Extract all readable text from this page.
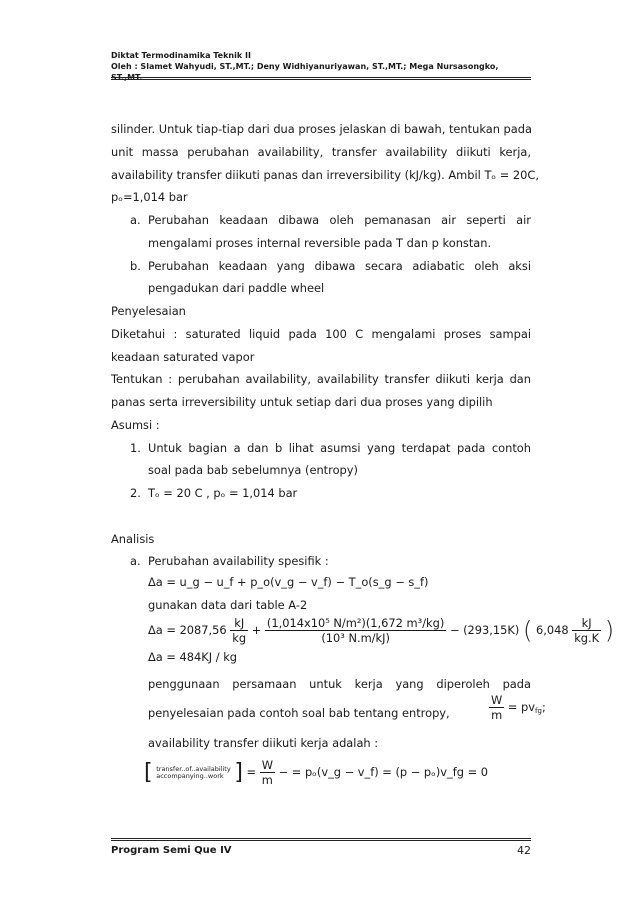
Diktat Termodinamika Teknik II
Oleh : Slamet Wahyudi, ST.,MT.; Deny Widhiyanuriyawan, ST.,MT.; Mega Nursasongko, ST.,MT.
silinder. Untuk tiap-tiap dari dua proses jelaskan di bawah, tentukan pada
unit massa perubahan availability, transfer availability diikuti kerja,
availability transfer diikuti panas dan irreversibility (kJ/kg). Ambil Tₒ = 20C,
pₒ=1,014 bar
a. Perubahan keadaan dibawa oleh pemanasan air seperti air
mengalami proses internal reversible pada T dan p konstan.
b. Perubahan keadaan yang dibawa secara adiabatic oleh aksi
pengadukan dari paddle wheel
Penyelesaian
Diketahui : saturated liquid pada 100 C mengalami proses sampai
keadaan saturated vapor
Tentukan : perubahan availability, availability transfer diikuti kerja dan
panas serta irreversibility untuk setiap dari dua proses yang dipilih
Asumsi :
1. Untuk bagian a dan b lihat asumsi yang terdapat pada contoh
soal pada bab sebelumnya (entropy)
2. Tₒ = 20 C , pₒ = 1,014 bar
Analisis
a. Perubahan availability spesifik :
Δa = u_g − u_f + p_o(v_g − v_f) − T_o(s_g − s_f)
gunakan data dari table A-2
$\Delta a = 2087,56 \frac{kJ}{kg} + \frac{\text{(1,014x10⁵ N/m²)(1,672 m³/kg)}}{\text{(10³ N.m/kJ)}} - (293,15K)$ ( $6,048 \frac{kJ}{kg.K}$ )
Δa = 484KJ / kg
penggunaan persamaan untuk kerja yang diperoleh pada
penyelesaian pada contoh soal bab tentang entropy,	$\frac{W}{m} = pv_{fg}$;
availability transfer diikuti kerja adalah :
[ transfer..of..availability
accompanying..work ] = $\frac{W}{m}$ − = pₒ(v_g − v_f) = (p − pₒ)v_fg = 0
Program Semi Que IV	42
